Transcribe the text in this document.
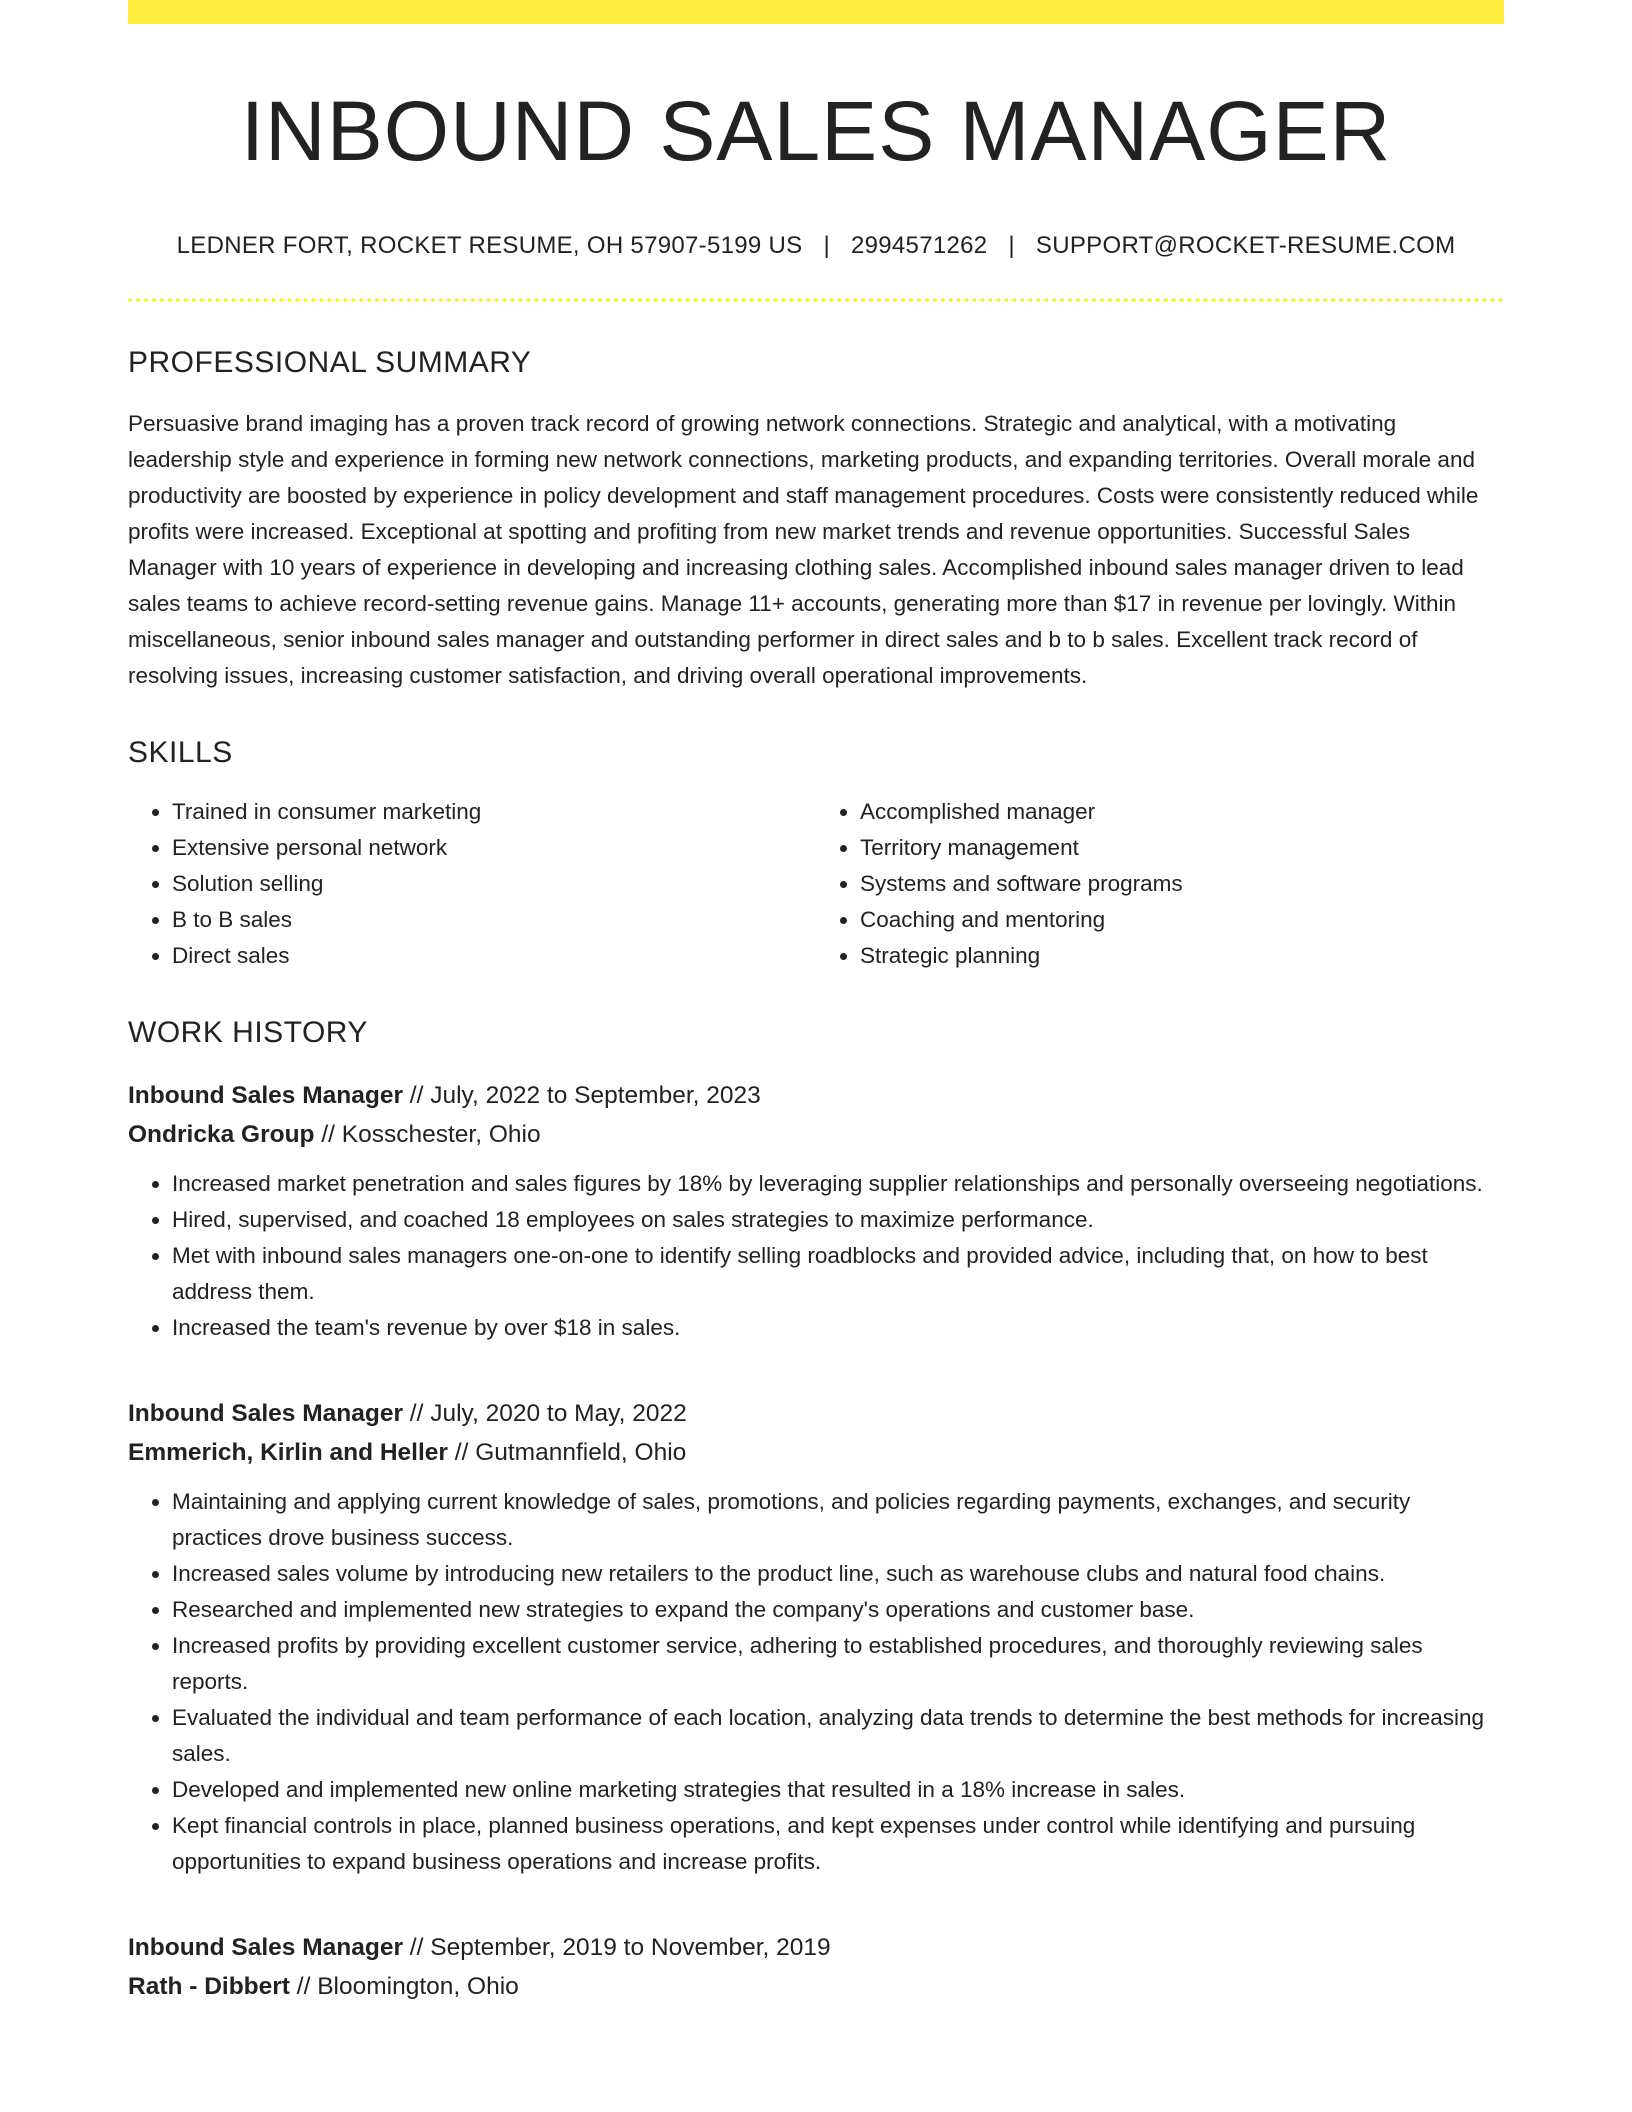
INBOUND SALES MANAGER
LEDNER FORT, ROCKET RESUME, OH 57907-5199 US | 2994571262 | SUPPORT@ROCKET-RESUME.COM
PROFESSIONAL SUMMARY
Persuasive brand imaging has a proven track record of growing network connections. Strategic and analytical, with a motivating leadership style and experience in forming new network connections, marketing products, and expanding territories. Overall morale and productivity are boosted by experience in policy development and staff management procedures. Costs were consistently reduced while profits were increased. Exceptional at spotting and profiting from new market trends and revenue opportunities. Successful Sales Manager with 10 years of experience in developing and increasing clothing sales. Accomplished inbound sales manager driven to lead sales teams to achieve record-setting revenue gains. Manage 11+ accounts, generating more than $17 in revenue per lovingly. Within miscellaneous, senior inbound sales manager and outstanding performer in direct sales and b to b sales. Excellent track record of resolving issues, increasing customer satisfaction, and driving overall operational improvements.
SKILLS
• Trained in consumer marketing
• Extensive personal network
• Solution selling
• B to B sales
• Direct sales
• Accomplished manager
• Territory management
• Systems and software programs
• Coaching and mentoring
• Strategic planning
WORK HISTORY
Inbound Sales Manager // July, 2022 to September, 2023
Ondricka Group // Kosschester, Ohio
• Increased market penetration and sales figures by 18% by leveraging supplier relationships and personally overseeing negotiations.
• Hired, supervised, and coached 18 employees on sales strategies to maximize performance.
• Met with inbound sales managers one-on-one to identify selling roadblocks and provided advice, including that, on how to best address them.
• Increased the team's revenue by over $18 in sales.
Inbound Sales Manager // July, 2020 to May, 2022
Emmerich, Kirlin and Heller // Gutmannfield, Ohio
• Maintaining and applying current knowledge of sales, promotions, and policies regarding payments, exchanges, and security practices drove business success.
• Increased sales volume by introducing new retailers to the product line, such as warehouse clubs and natural food chains.
• Researched and implemented new strategies to expand the company's operations and customer base.
• Increased profits by providing excellent customer service, adhering to established procedures, and thoroughly reviewing sales reports.
• Evaluated the individual and team performance of each location, analyzing data trends to determine the best methods for increasing sales.
• Developed and implemented new online marketing strategies that resulted in a 18% increase in sales.
• Kept financial controls in place, planned business operations, and kept expenses under control while identifying and pursuing opportunities to expand business operations and increase profits.
Inbound Sales Manager // September, 2019 to November, 2019
Rath - Dibbert // Bloomington, Ohio
